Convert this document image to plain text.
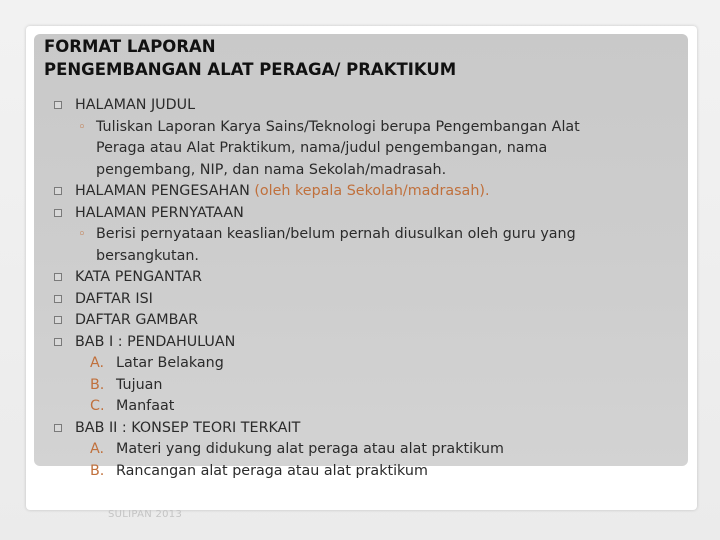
FORMAT LAPORAN
PENGEMBANGAN ALAT PERAGA/ PRAKTIKUM
HALAMAN JUDUL
◦ Tuliskan Laporan Karya Sains/Teknologi berupa Pengembangan Alat
Peraga atau Alat Praktikum, nama/judul pengembangan, nama
pengembang, NIP, dan nama Sekolah/madrasah.
HALAMAN PENGESAHAN (oleh kepala Sekolah/madrasah).
HALAMAN PERNYATAAN
◦ Berisi pernyataan keaslian/belum pernah diusulkan oleh guru yang
bersangkutan.
KATA PENGANTAR
DAFTAR ISI
DAFTAR GAMBAR
BAB I : PENDAHULUAN
A. Latar Belakang
B. Tujuan
C. Manfaat
BAB II : KONSEP TEORI TERKAIT
A. Materi yang didukung alat peraga atau alat praktikum
B. Rancangan alat peraga atau alat praktikum
SULIPAN 2013
